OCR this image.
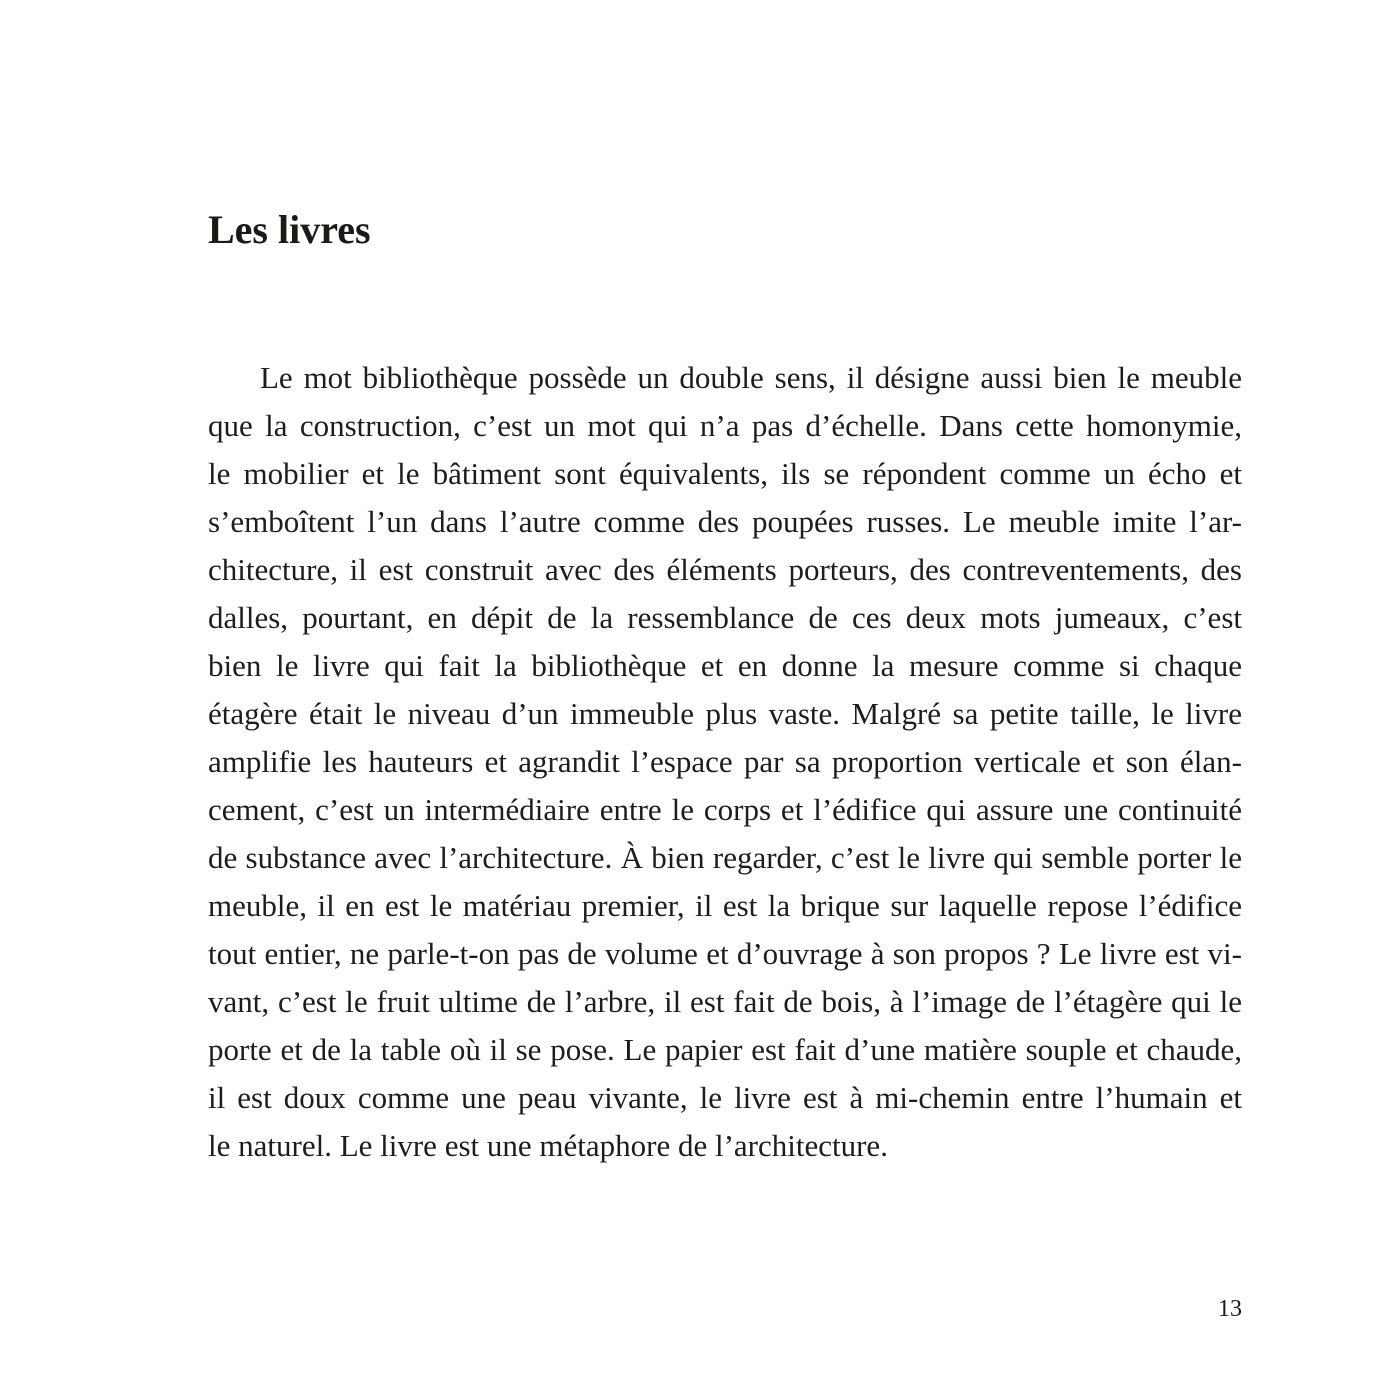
Les livres
Le mot bibliothèque possède un double sens, il désigne aussi bien le meuble
que la construction, c’est un mot qui n’a pas d’échelle. Dans cette homonymie,
le mobilier et le bâtiment sont équivalents, ils se répondent comme un écho et
s’emboîtent l’un dans l’autre comme des poupées russes. Le meuble imite l’ar-
chitecture, il est construit avec des éléments porteurs, des contreventements, des
dalles, pourtant, en dépit de la ressemblance de ces deux mots jumeaux, c’est
bien le livre qui fait la bibliothèque et en donne la mesure comme si chaque
étagère était le niveau d’un immeuble plus vaste. Malgré sa petite taille, le livre
amplifie les hauteurs et agrandit l’espace par sa proportion verticale et son élan-
cement, c’est un intermédiaire entre le corps et l’édifice qui assure une continuité
de substance avec l’architecture. À bien regarder, c’est le livre qui semble porter le
meuble, il en est le matériau premier, il est la brique sur laquelle repose l’édifice
tout entier, ne parle-t-on pas de volume et d’ouvrage à son propos ? Le livre est vi-
vant, c’est le fruit ultime de l’arbre, il est fait de bois, à l’image de l’étagère qui le
porte et de la table où il se pose. Le papier est fait d’une matière souple et chaude,
il est doux comme une peau vivante, le livre est à mi-chemin entre l’humain et
le naturel. Le livre est une métaphore de l’architecture.
13
